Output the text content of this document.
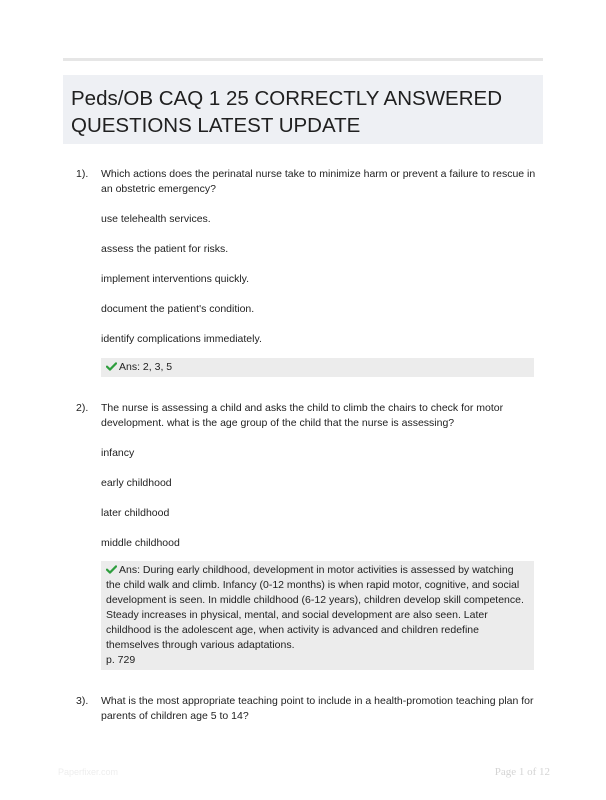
Peds/OB CAQ 1 25 CORRECTLY ANSWERED QUESTIONS LATEST UPDATE
1). Which actions does the perinatal nurse take to minimize harm or prevent a failure to rescue in an obstetric emergency?
use telehealth services.
assess the patient for risks.
implement interventions quickly.
document the patient's condition.
identify complications immediately.
Ans: 2, 3, 5
2). The nurse is assessing a child and asks the child to climb the chairs to check for motor development. what is the age group of the child that the nurse is assessing?
infancy
early childhood
later childhood
middle childhood
Ans: During early childhood, development in motor activities is assessed by watching the child walk and climb. Infancy (0-12 months) is when rapid motor, cognitive, and social development is seen. In middle childhood (6-12 years), children develop skill competence. Steady increases in physical, mental, and social development are also seen. Later childhood is the adolescent age, when activity is advanced and children redefine themselves through various adaptations.
p. 729
3). What is the most appropriate teaching point to include in a health-promotion teaching plan for parents of children age 5 to 14?
Paperfixer.com	Page 1 of 12
